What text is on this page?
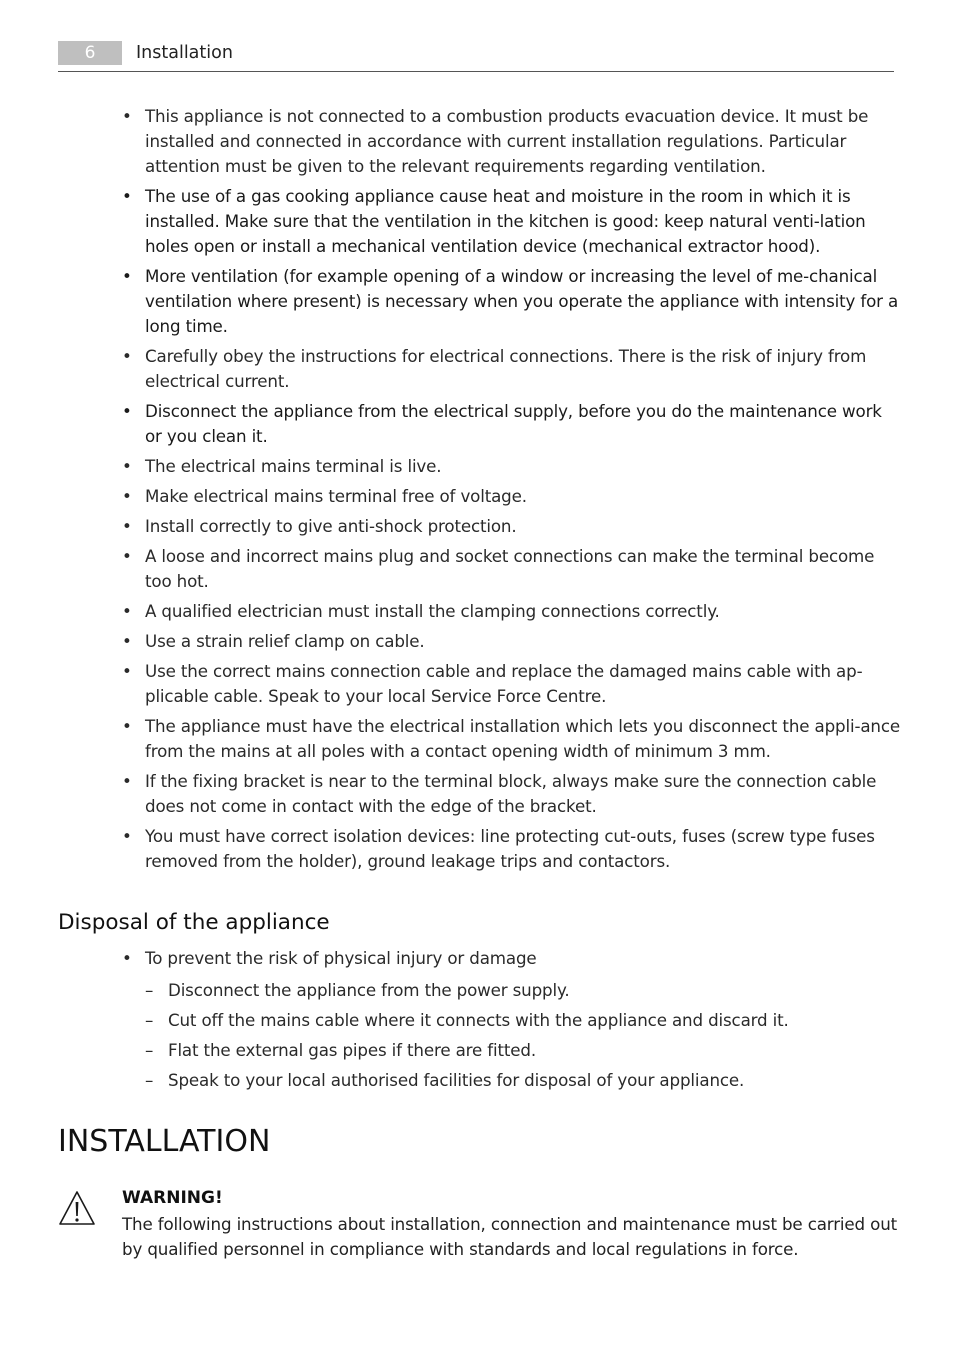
6	Installation
• This appliance is not connected to a combustion products evacuation device. It must be installed and connected in accordance with current installation regulations. Particular attention must be given to the relevant requirements regarding ventilation.
• The use of a gas cooking appliance cause heat and moisture in the room in which it is installed. Make sure that the ventilation in the kitchen is good: keep natural venti-lation holes open or install a mechanical ventilation device (mechanical extractor hood).
• More ventilation (for example opening of a window or increasing the level of me-chanical ventilation where present) is necessary when you operate the appliance with intensity for a long time.
• Carefully obey the instructions for electrical connections. There is the risk of injury from electrical current.
• Disconnect the appliance from the electrical supply, before you do the maintenance work or you clean it.
• The electrical mains terminal is live.
• Make electrical mains terminal free of voltage.
• Install correctly to give anti-shock protection.
• A loose and incorrect mains plug and socket connections can make the terminal become too hot.
• A qualified electrician must install the clamping connections correctly.
• Use a strain relief clamp on cable.
• Use the correct mains connection cable and replace the damaged mains cable with ap-plicable cable. Speak to your local Service Force Centre.
• The appliance must have the electrical installation which lets you disconnect the appli-ance from the mains at all poles with a contact opening width of minimum 3 mm.
• If the fixing bracket is near to the terminal block, always make sure the connection cable does not come in contact with the edge of the bracket.
• You must have correct isolation devices: line protecting cut-outs, fuses (screw type fuses removed from the holder), ground leakage trips and contactors.
Disposal of the appliance
• To prevent the risk of physical injury or damage
– Disconnect the appliance from the power supply.
– Cut off the mains cable where it connects with the appliance and discard it.
– Flat the external gas pipes if there are fitted.
– Speak to your local authorised facilities for disposal of your appliance.
INSTALLATION
WARNING!
The following instructions about installation, connection and maintenance must be carried out by qualified personnel in compliance with standards and local regulations in force.
